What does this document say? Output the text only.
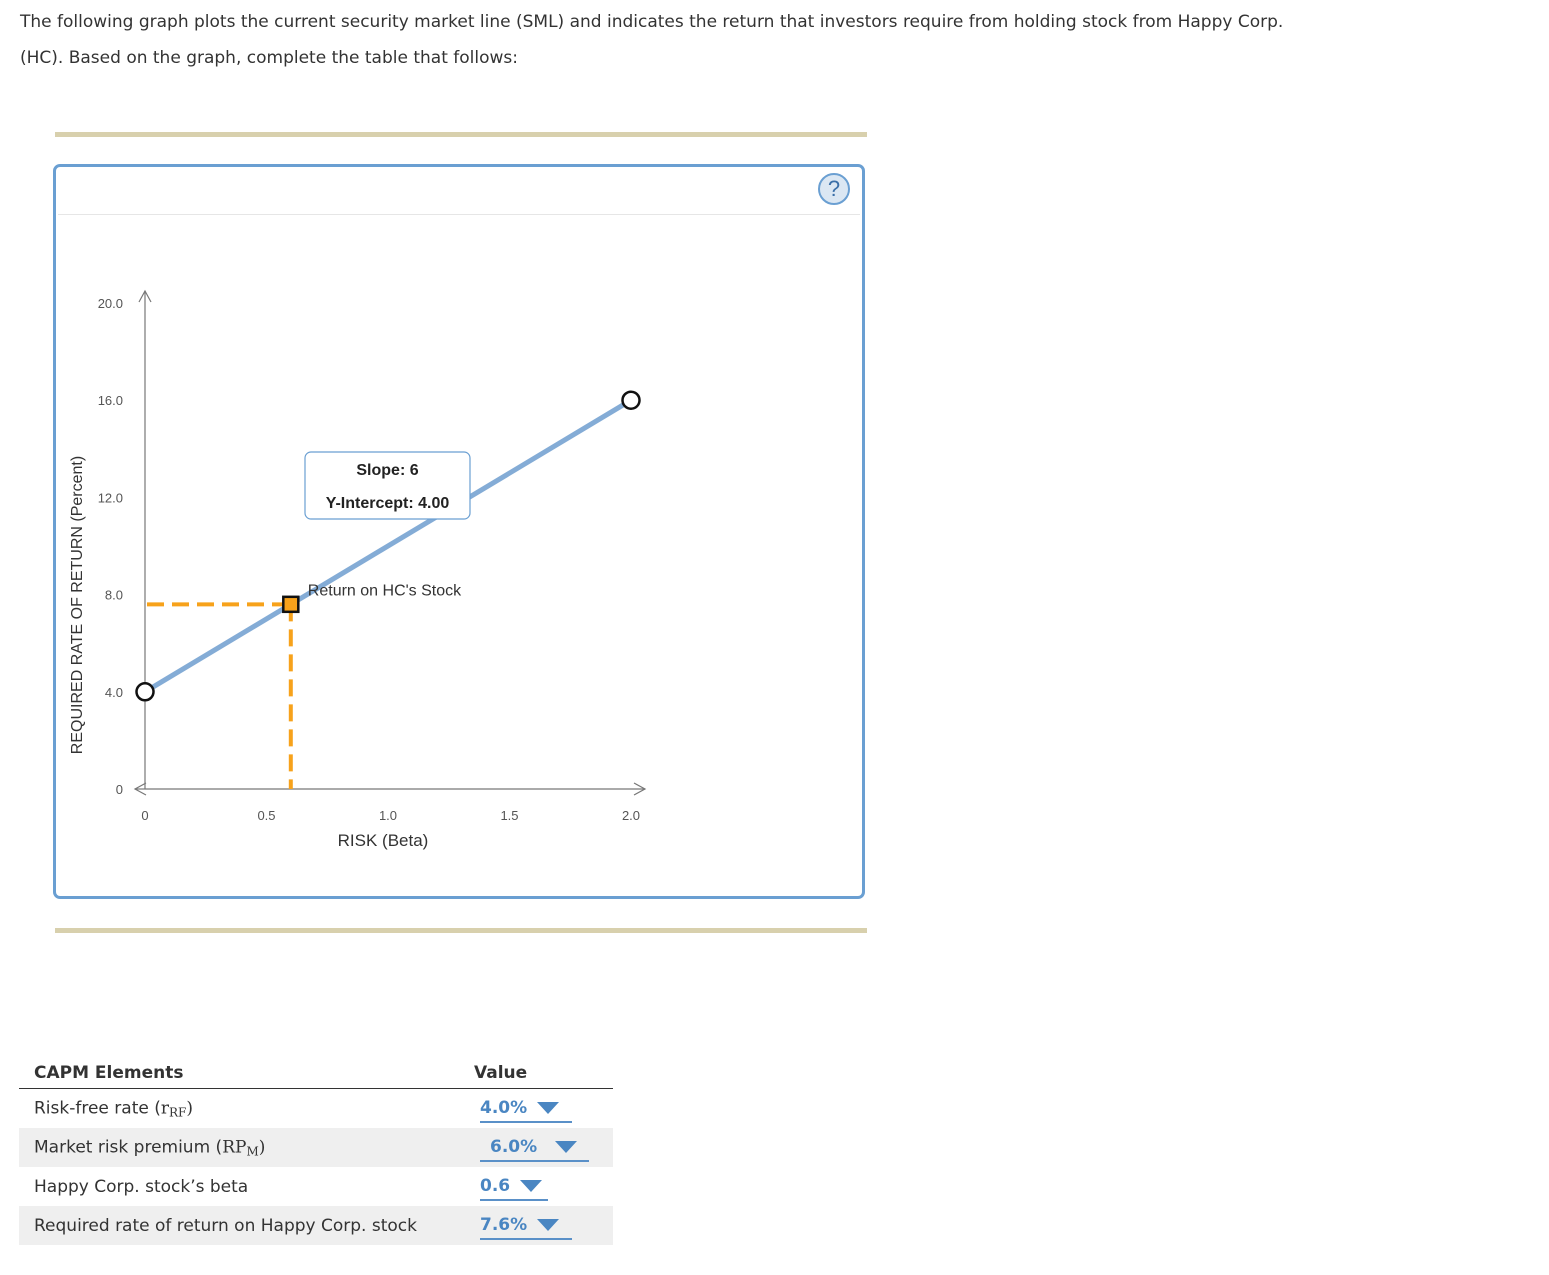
The following graph plots the current security market line (SML) and indicates the return that investors require from holding stock from Happy Corp.
(HC). Based on the graph, complete the table that follows:
?
0	0.5	1.0	1.5	2.0
0
4.0
8.0
12.0
16.0
20.0
RISK (Beta)
REQUIRED RATE OF RETURN (Percent)	Return on HC's Stock
Slope: 6
Y-Intercept: 4.00
CAPM Elements	Value
Risk-free rate $(r_{RF})$	4.0%
Market risk premium $(RP_M)$	6.0%
Happy Corp. stock’s beta	0.6
Required rate of return on Happy Corp. stock	7.6%
